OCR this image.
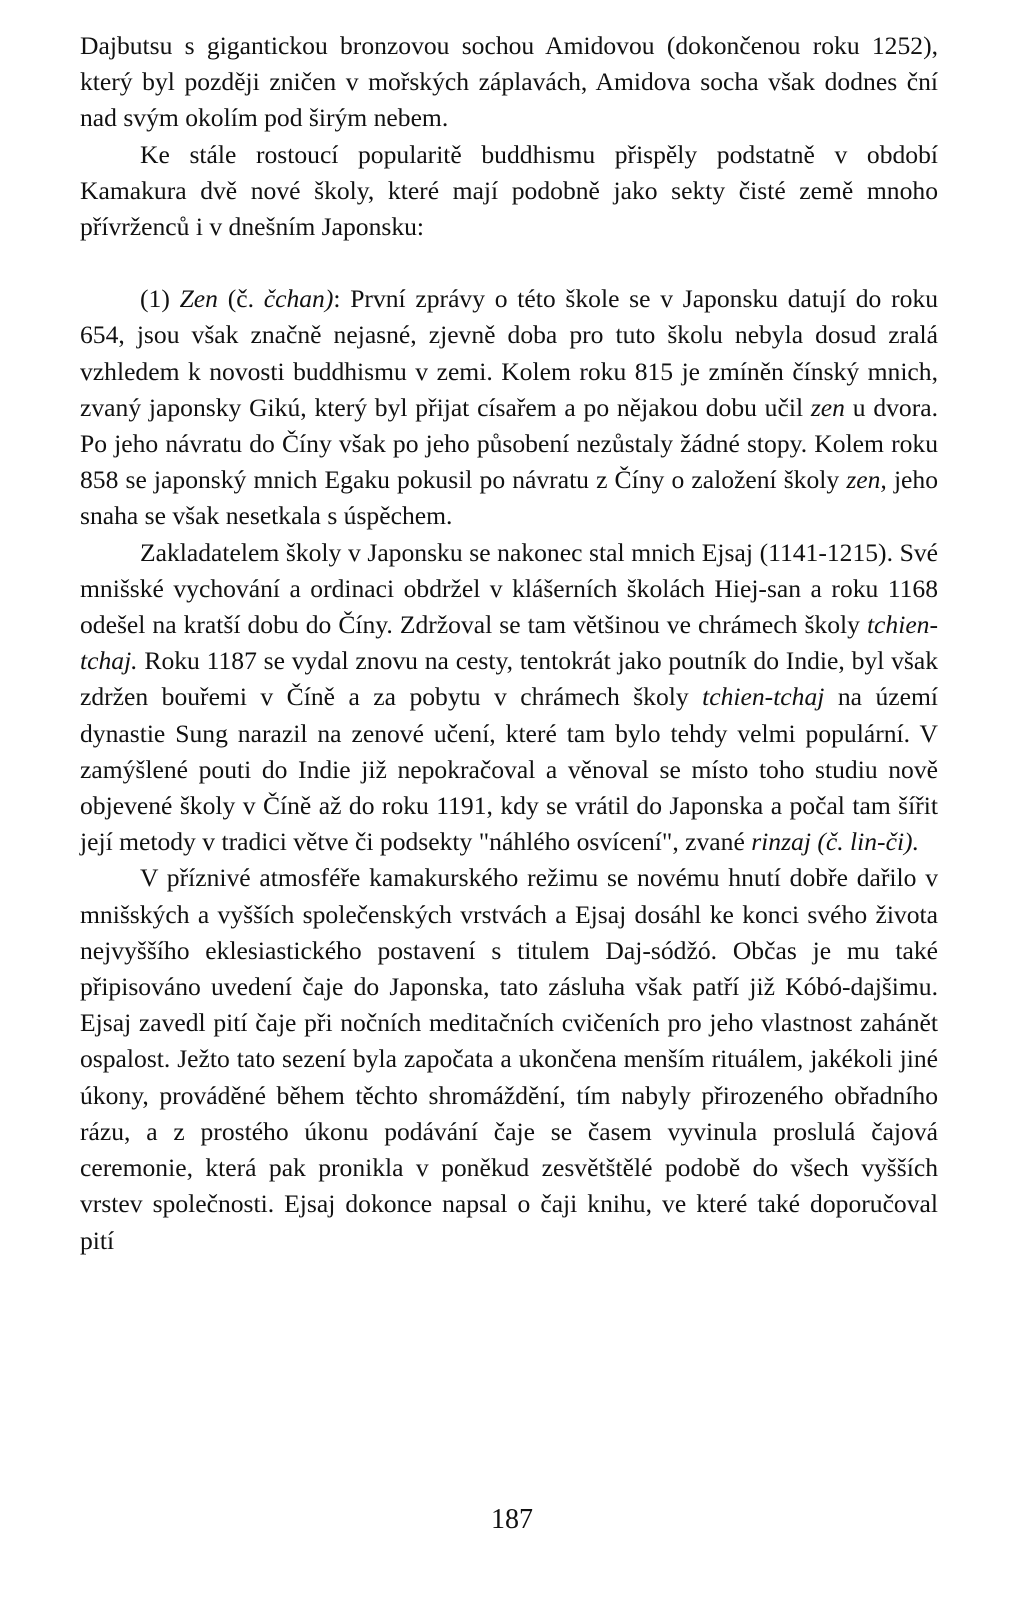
Dajbutsu s gigantickou bronzovou sochou Amidovou (dokončenou roku 1252), který byl později zničen v mořských záplavách, Amidova socha však dodnes ční nad svým okolím pod širým nebem.

Ke stále rostoucí popularitě buddhismu přispěly podstatně v období Kamakura dvě nové školy, které mají podobně jako sekty čisté země mnoho přívrženců i v dnešním Japonsku:

(1) Zen (č. čchan): První zprávy o této škole se v Japonsku datují do roku 654, jsou však značně nejasné, zjevně doba pro tuto školu nebyla dosud zralá vzhledem k novosti buddhismu v zemi. Kolem roku 815 je zmíněn čínský mnich, zvaný japonsky Gikú, který byl přijat císařem a po nějakou dobu učil zen u dvora. Po jeho návratu do Číny však po jeho působení nezůstaly žádné stopy. Kolem roku 858 se japonský mnich Egaku pokusil po návratu z Číny o založení školy zen, jeho snaha se však nesetkala s úspěchem.

Zakladatelem školy v Japonsku se nakonec stal mnich Ejsaj (1141-1215). Své mnišské vychování a ordinaci obdržel v klášerních školách Hiej-san a roku 1168 odešel na kratší dobu do Číny. Zdržoval se tam většinou ve chrámech školy tchien-tchaj. Roku 1187 se vydal znovu na cesty, tentokrát jako poutník do Indie, byl však zdržen bouřemi v Číně a za pobytu v chrámech školy tchien-tchaj na území dynastie Sung narazil na zenové učení, které tam bylo tehdy velmi populární. V zamýšlené pouti do Indie již nepokračoval a věnoval se místo toho studiu nově objevené školy v Číně až do roku 1191, kdy se vrátil do Japonska a počal tam šířit její metody v tradici větve či podsekty "náhlého osvícení", zvané rinzaj (č. lin-či).

V příznivé atmosféře kamakurského režimu se novému hnutí dobře dařilo v mnišských a vyšších společenských vrstvách a Ejsaj dosáhl ke konci svého života nejvyššího eklesiastického postavení s titulem Daj-sódžó. Občas je mu také připisováno uvedení čaje do Japonska, tato zásluha však patří již Kóbó-dajšimu. Ejsaj zavedl pití čaje při nočních meditačních cvičeních pro jeho vlastnost zahánět ospalost. Ježto tato sezení byla započata a ukončena menším rituálem, jakékoli jiné úkony, prováděné během těchto shromáždění, tím nabyly přirozeného obřadního rázu, a z prostého úkonu podávání čaje se časem vyvinula proslulá čajová ceremonie, která pak pronikla v poněkud zesvětštělé podobě do všech vyšších vrstev společnosti. Ejsaj dokonce napsal o čaji knihu, ve které také doporučoval pití

187
